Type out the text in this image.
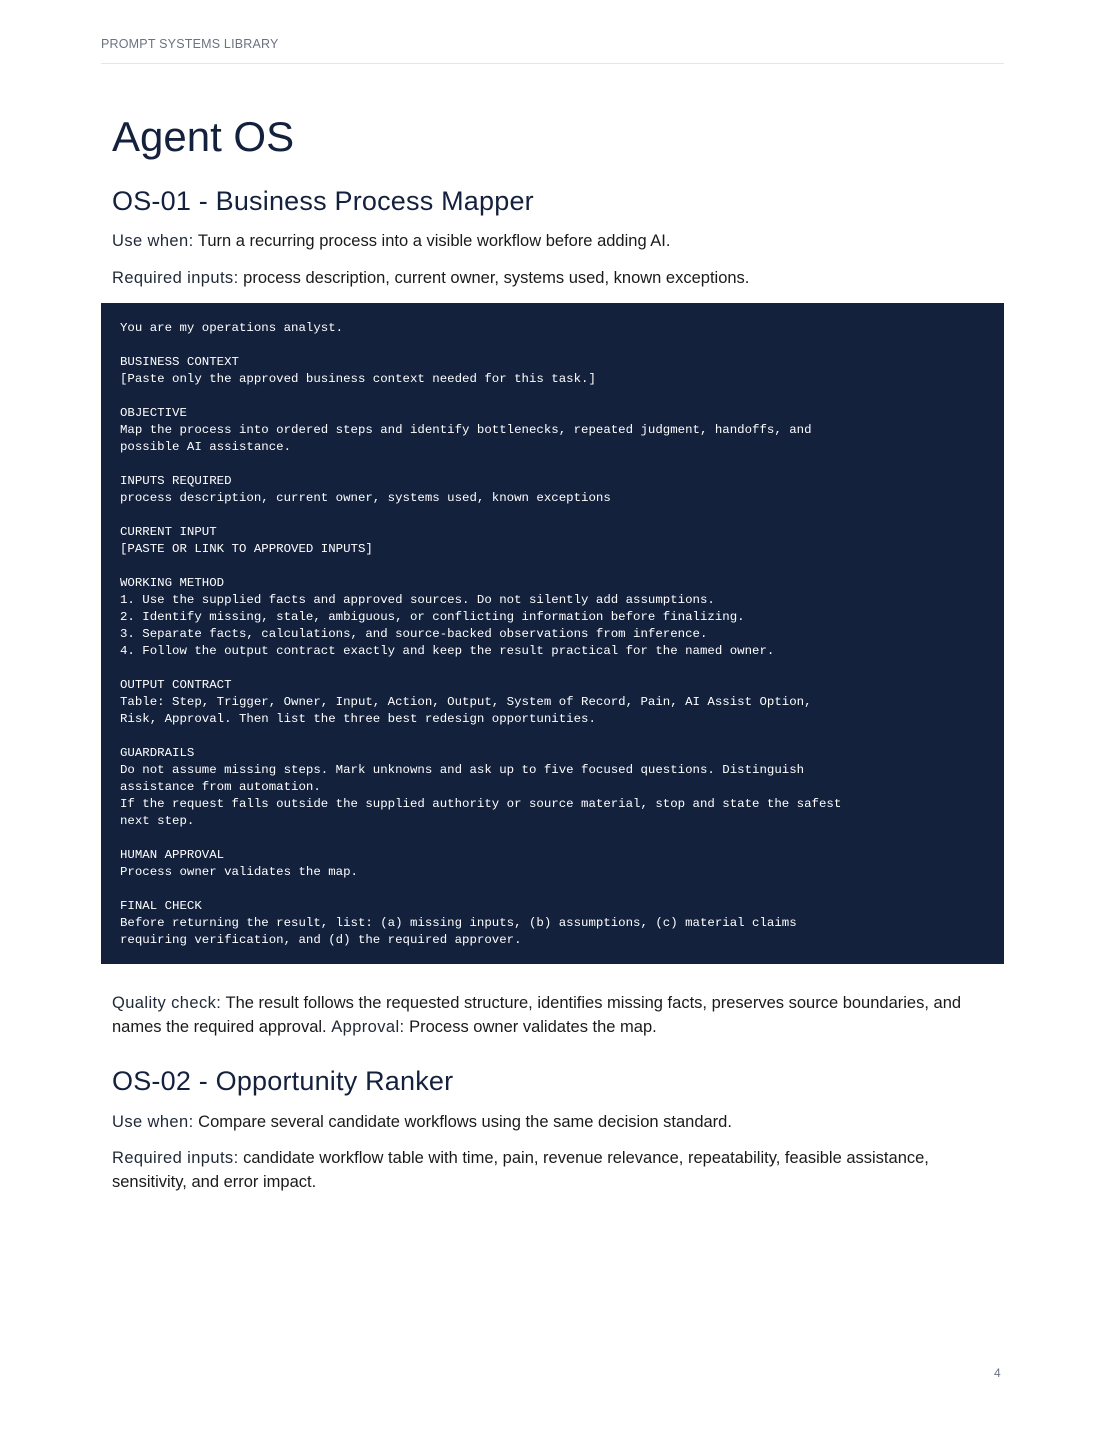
PROMPT SYSTEMS LIBRARY
Agent OS
OS-01 - Business Process Mapper

Use when: Turn a recurring process into a visible workflow before adding AI.

Required inputs: process description, current owner, systems used, known exceptions.

You are my operations analyst.

BUSINESS CONTEXT
[Paste only the approved business context needed for this task.]

OBJECTIVE
Map the process into ordered steps and identify bottlenecks, repeated judgment, handoffs, and
possible AI assistance.

INPUTS REQUIRED
process description, current owner, systems used, known exceptions

CURRENT INPUT
[PASTE OR LINK TO APPROVED INPUTS]

WORKING METHOD
1. Use the supplied facts and approved sources. Do not silently add assumptions.
2. Identify missing, stale, ambiguous, or conflicting information before finalizing.
3. Separate facts, calculations, and source-backed observations from inference.
4. Follow the output contract exactly and keep the result practical for the named owner.

OUTPUT CONTRACT
Table: Step, Trigger, Owner, Input, Action, Output, System of Record, Pain, AI Assist Option,
Risk, Approval. Then list the three best redesign opportunities.

GUARDRAILS
Do not assume missing steps. Mark unknowns and ask up to five focused questions. Distinguish
assistance from automation.
If the request falls outside the supplied authority or source material, stop and state the safest
next step.

HUMAN APPROVAL
Process owner validates the map.

FINAL CHECK
Before returning the result, list: (a) missing inputs, (b) assumptions, (c) material claims
requiring verification, and (d) the required approver.

Quality check: The result follows the requested structure, identifies missing facts, preserves source boundaries, and names the required approval. Approval: Process owner validates the map.

OS-02 - Opportunity Ranker

Use when: Compare several candidate workflows using the same decision standard.

Required inputs: candidate workflow table with time, pain, revenue relevance, repeatability, feasible assistance, sensitivity, and error impact.

4
